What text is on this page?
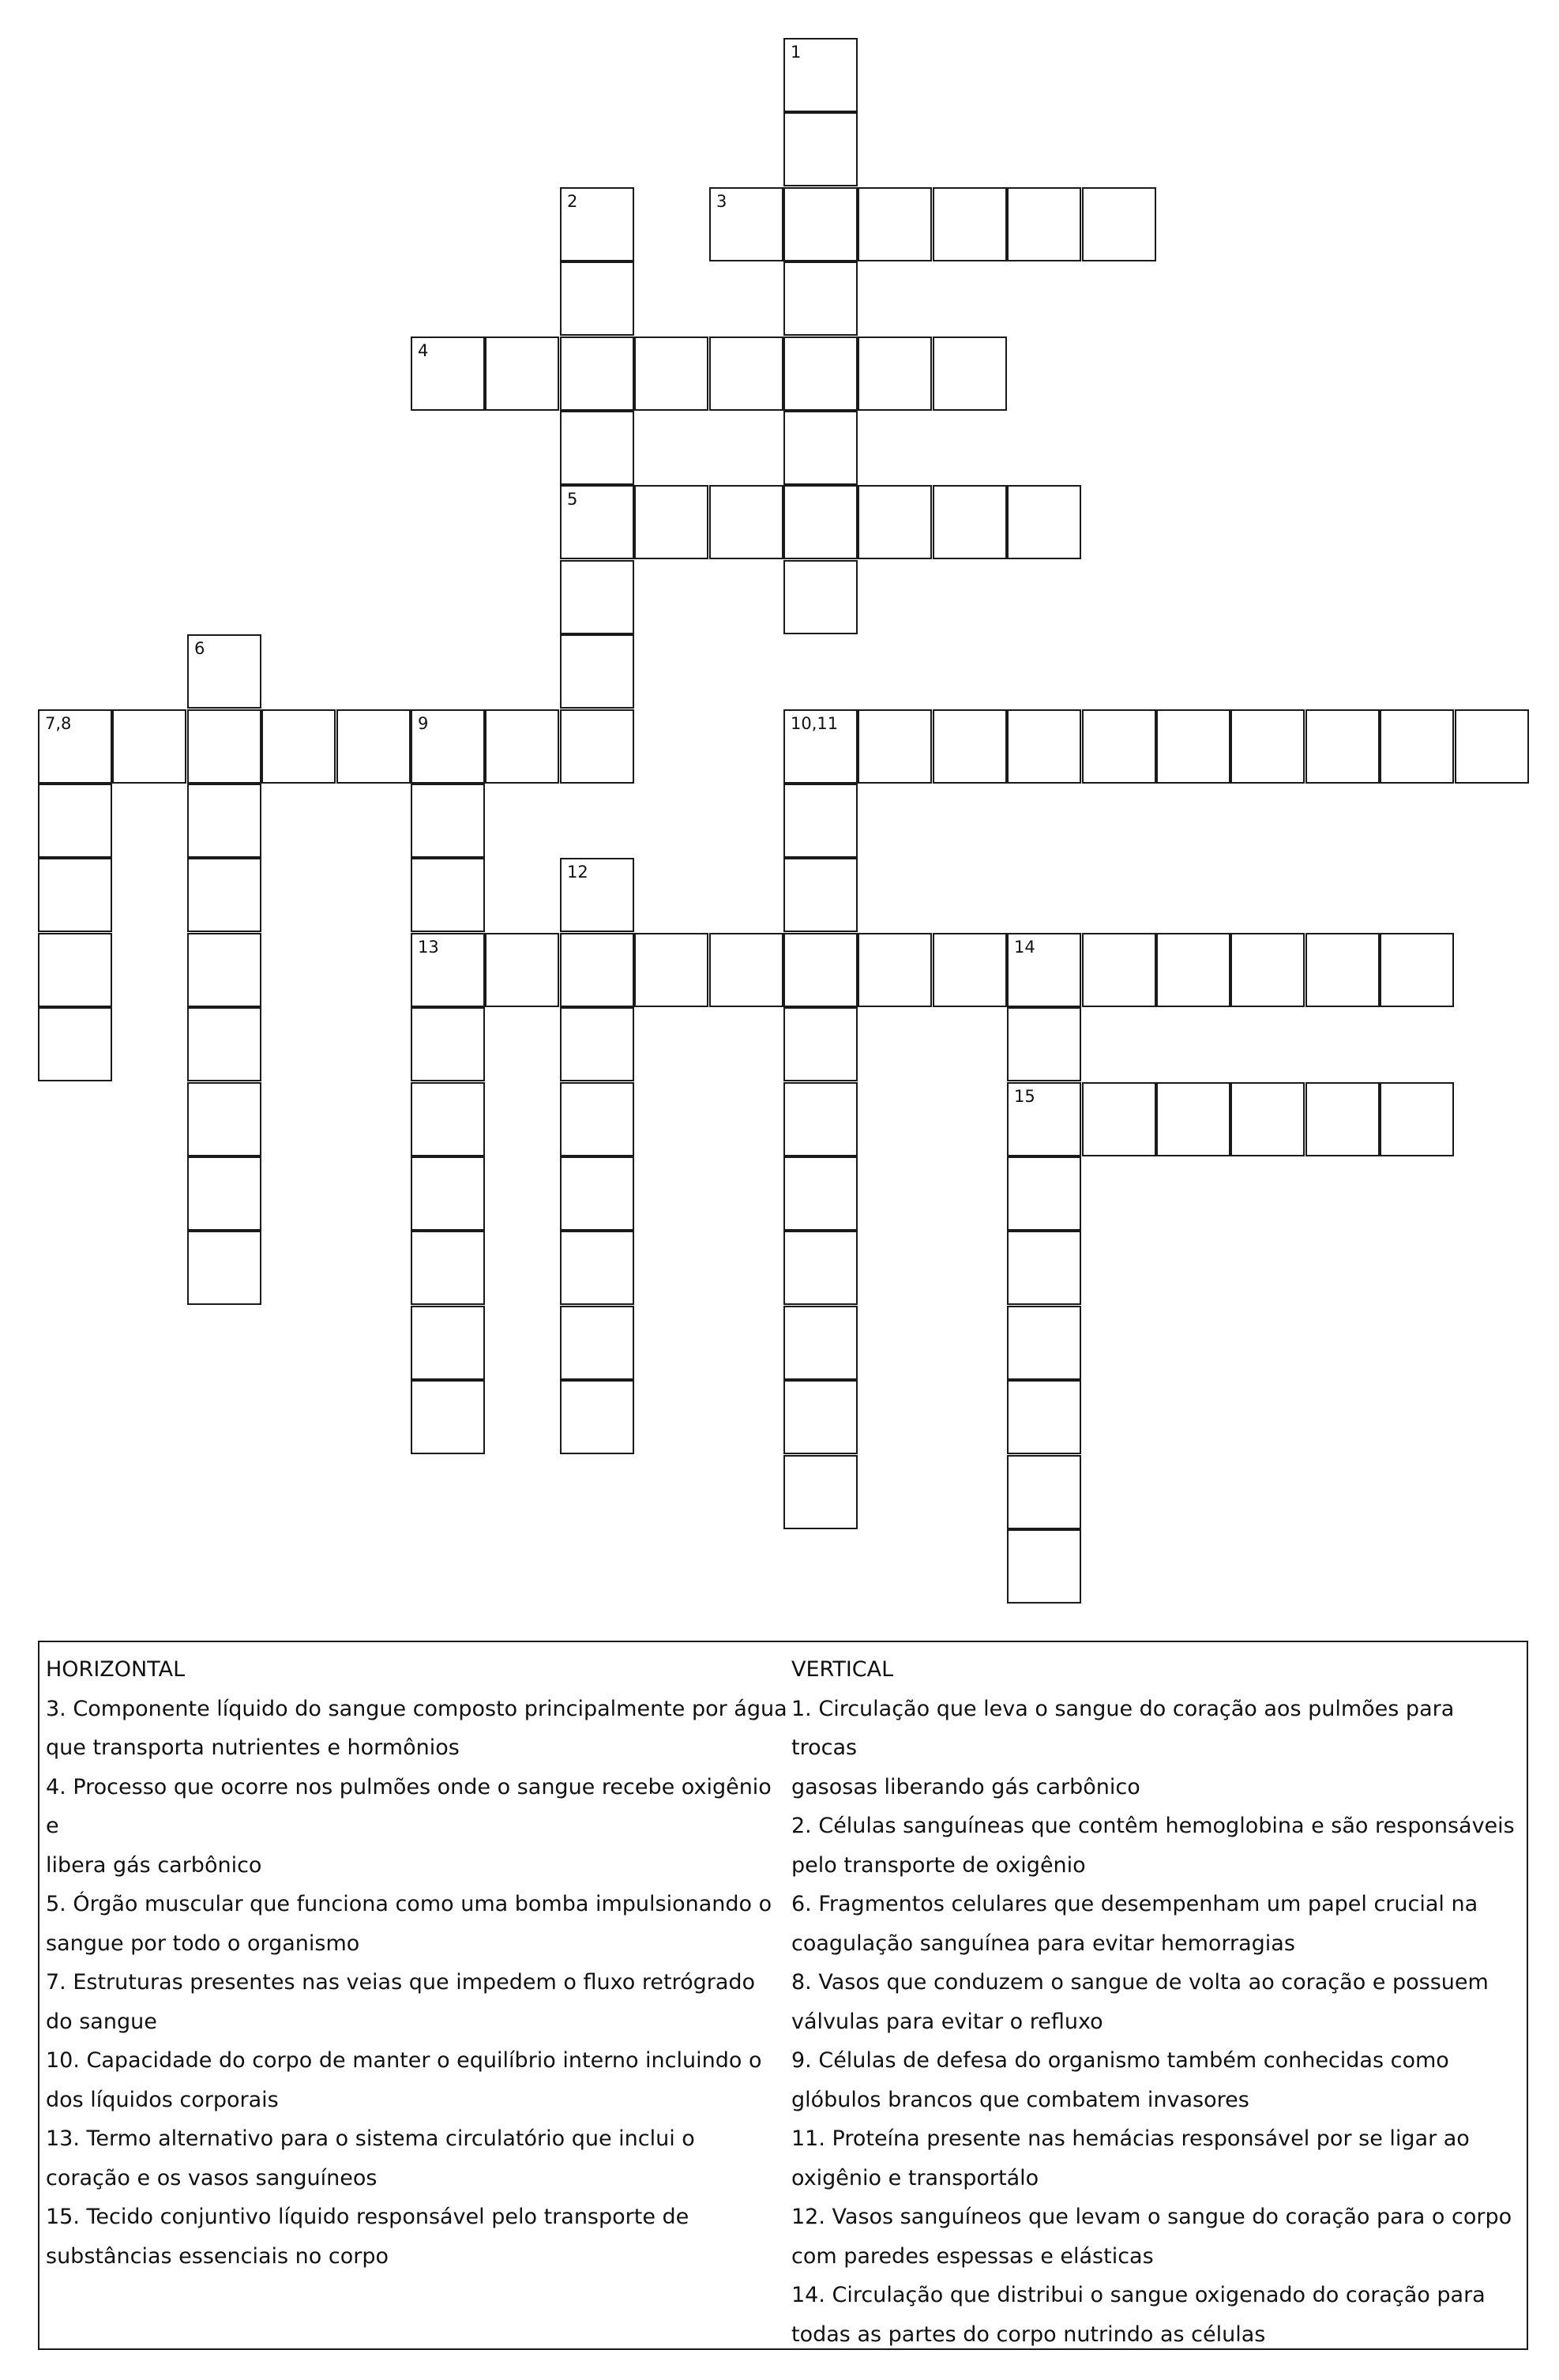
3
4
5
7,8	9	10,11
13	14
15
1
2
6
12
HORIZONTAL
3. Componente líquido do sangue composto principalmente por água
que transporta nutrientes e hormônios
4. Processo que ocorre nos pulmões onde o sangue recebe oxigênio e
libera gás carbônico
5. Órgão muscular que funciona como uma bomba impulsionando o
sangue por todo o organismo
7. Estruturas presentes nas veias que impedem o fluxo retrógrado
do sangue
10. Capacidade do corpo de manter o equilíbrio interno incluindo o
dos líquidos corporais
13. Termo alternativo para o sistema circulatório que inclui o
coração e os vasos sanguíneos
15. Tecido conjuntivo líquido responsável pelo transporte de
substâncias essenciais no corpo
VERTICAL
1. Circulação que leva o sangue do coração aos pulmões para trocas
gasosas liberando gás carbônico
2. Células sanguíneas que contêm hemoglobina e são responsáveis
pelo transporte de oxigênio
6. Fragmentos celulares que desempenham um papel crucial na
coagulação sanguínea para evitar hemorragias
8. Vasos que conduzem o sangue de volta ao coração e possuem
válvulas para evitar o refluxo
9. Células de defesa do organismo também conhecidas como
glóbulos brancos que combatem invasores
11. Proteína presente nas hemácias responsável por se ligar ao
oxigênio e transportálo
12. Vasos sanguíneos que levam o sangue do coração para o corpo
com paredes espessas e elásticas
14. Circulação que distribui o sangue oxigenado do coração para
todas as partes do corpo nutrindo as células
